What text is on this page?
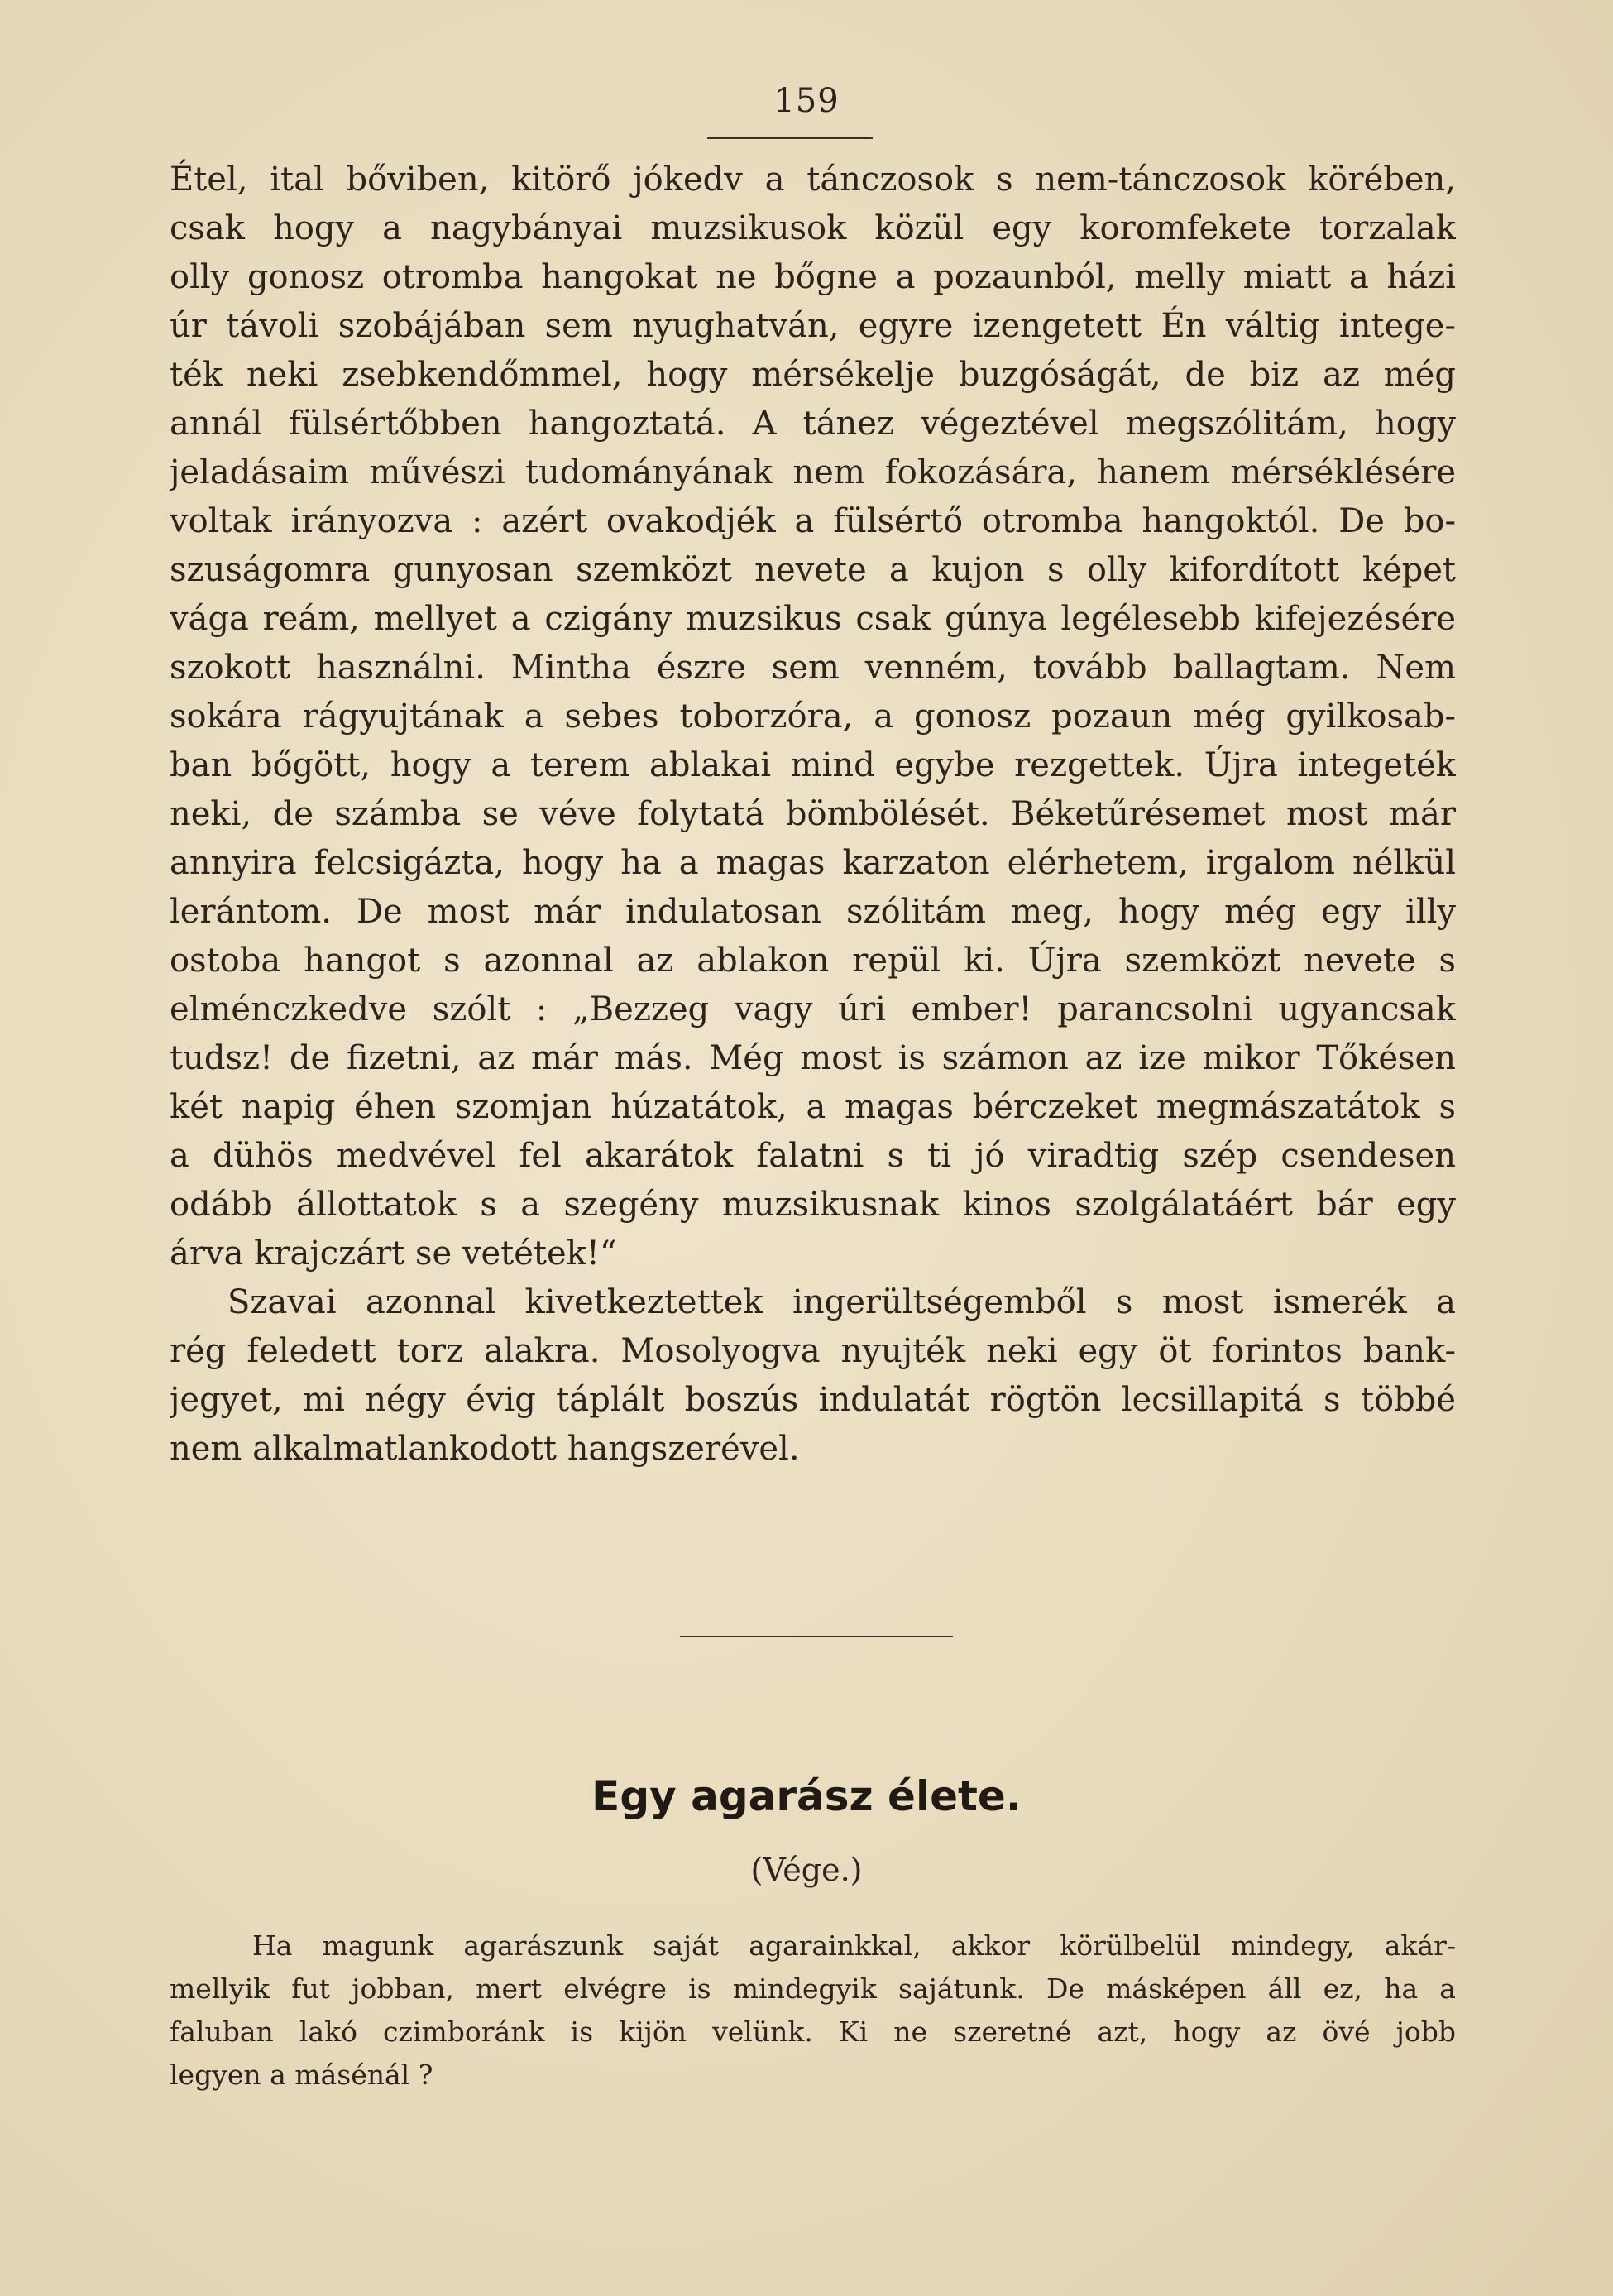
159
Étel, ital bőviben, kitörő jókedv a tánczosok s nem-tánczosok körében,
csak hogy a nagybányai muzsikusok közül egy koromfekete torzalak
olly gonosz otromba hangokat ne bőgne a pozaunból, melly miatt a házi
úr távoli szobájában sem nyughatván, egyre izengetett Én váltig intege-
ték neki zsebkendőmmel, hogy mérsékelje buzgóságát, de biz az még
annál fülsértőbben hangoztatá. A tánez végeztével megszólitám, hogy
jeladásaim művészi tudományának nem fokozására, hanem mérséklésére
voltak irányozva : azért ovakodjék a fülsértő otromba hangoktól. De bo-
szuságomra gunyosan szemközt nevete a kujon s olly kifordított képet
vága reám, mellyet a czigány muzsikus csak gúnya legélesebb kifejezésére
szokott használni. Mintha észre sem venném, tovább ballagtam. Nem
sokára rágyujtának a sebes toborzóra, a gonosz pozaun még gyilkosab-
ban bőgött, hogy a terem ablakai mind egybe rezgettek. Újra integeték
neki, de számba se véve folytatá bömbölését. Béketűrésemet most már
annyira felcsigázta, hogy ha a magas karzaton elérhetem, irgalom nélkül
lerántom. De most már indulatosan szólitám meg, hogy még egy illy
ostoba hangot s azonnal az ablakon repül ki. Újra szemközt nevete s
elménczkedve szólt : „Bezzeg vagy úri ember! parancsolni ugyancsak
tudsz! de fizetni, az már más. Még most is számon az ize mikor Tőkésen
két napig éhen szomjan húzatátok, a magas bérczeket megmászatátok s
a dühös medvével fel akarátok falatni s ti jó viradtig szép csendesen
odább állottatok s a szegény muzsikusnak kinos szolgálatáért bár egy
árva krajczárt se vetétek!“
Szavai azonnal kivetkeztettek ingerültségemből s most ismerék a
rég feledett torz alakra. Mosolyogva nyujték neki egy öt forintos bank-
jegyet, mi négy évig táplált boszús indulatát rögtön lecsillapitá s többé
nem alkalmatlankodott hangszerével.
Egy agarász élete.
(Vége.)
Ha magunk agarászunk saját agarainkkal, akkor körülbelül mindegy, akár-
mellyik fut jobban, mert elvégre is mindegyik sajátunk. De másképen áll ez, ha a
faluban lakó czimboránk is kijön velünk. Ki ne szeretné azt, hogy az övé jobb
legyen a másénál ?
